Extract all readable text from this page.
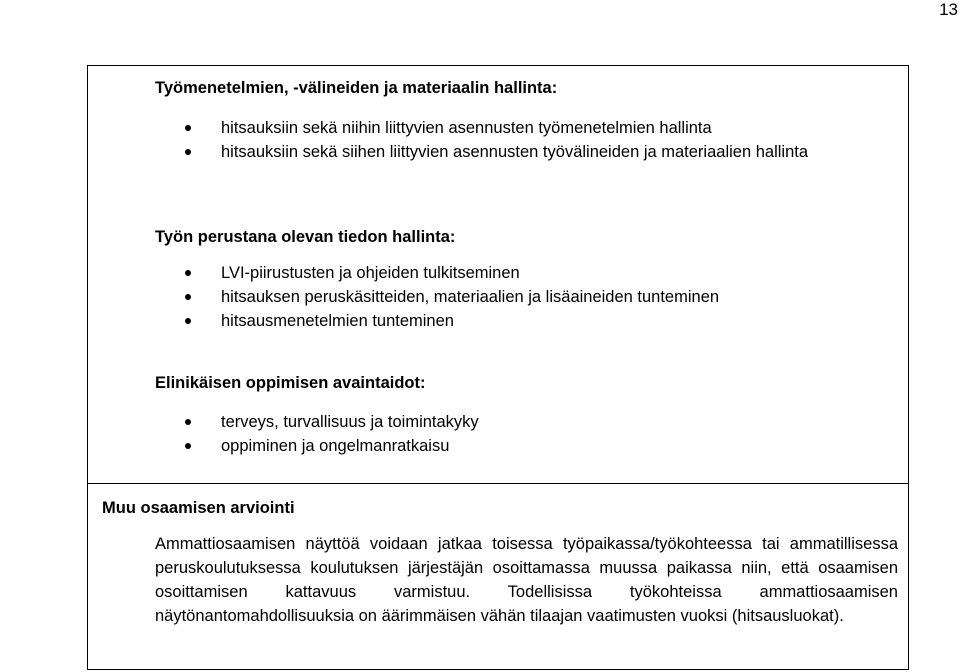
13
Työmenetelmien, -välineiden ja materiaalin hallinta:
hitsauksiin sekä niihin liittyvien asennusten työmenetelmien hallinta
hitsauksiin sekä siihen liittyvien asennusten työvälineiden ja materiaalien hallinta
Työn perustana olevan tiedon hallinta:
LVI-piirustusten ja ohjeiden tulkitseminen
hitsauksen peruskäsitteiden, materiaalien ja lisäaineiden tunteminen
hitsausmenetelmien tunteminen
Elinikäisen oppimisen avaintaidot:
terveys, turvallisuus ja toimintakyky
oppiminen ja ongelmanratkaisu
Muu osaamisen arviointi

Ammattiosaamisen näyttöä voidaan jatkaa toisessa työpaikassa/työkohteessa tai ammatillisessa peruskoulutuksessa koulutuksen järjestäjän osoittamassa muussa paikassa niin, että osaamisen osoittamisen kattavuus varmistuu. Todellisissa työkohteissa ammattiosaamisen näytönantomahdollisuuksia on äärimmäisen vähän tilaajan vaatimusten vuoksi (hitsausluokat).
